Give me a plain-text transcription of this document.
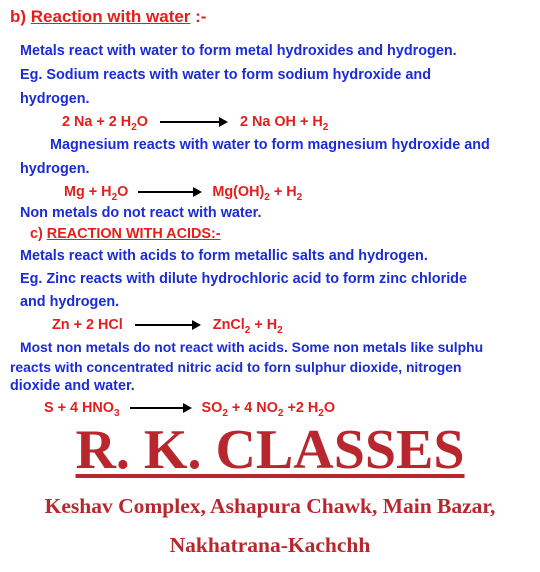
b) Reaction with water :-
Metals react with water to form metal hydroxides and hydrogen.
Eg. Sodium reacts with water to form sodium hydroxide and
hydrogen.
2 Na + 2 $H_2O$	2 Na OH + $H_2$
Magnesium reacts with water to form magnesium hydroxide and
hydrogen.
$Mg + H_2O$	$Mg(OH)_2 + H_2$
Non metals do not react with water.
c) REACTION WITH ACIDS:-
Metals react with acids to form metallic salts and hydrogen.
Eg. Zinc reacts with dilute hydrochloric acid to form zinc chloride
and hydrogen.
Zn + 2 HCl	ZnCl$_2$ + $H_2$
Most non metals do not react with acids. Some non metals like sulphu
reacts with concentrated nitric acid to forn sulphur dioxide, nitrogen
dioxide and water.
S + 4 $HNO_3$	$SO_2 + 4$ $NO_2 +2$ $H_2O$
R. K. CLASSES
Keshav Complex, Ashapura Chawk, Main Bazar,
Nakhatrana-Kachchh
